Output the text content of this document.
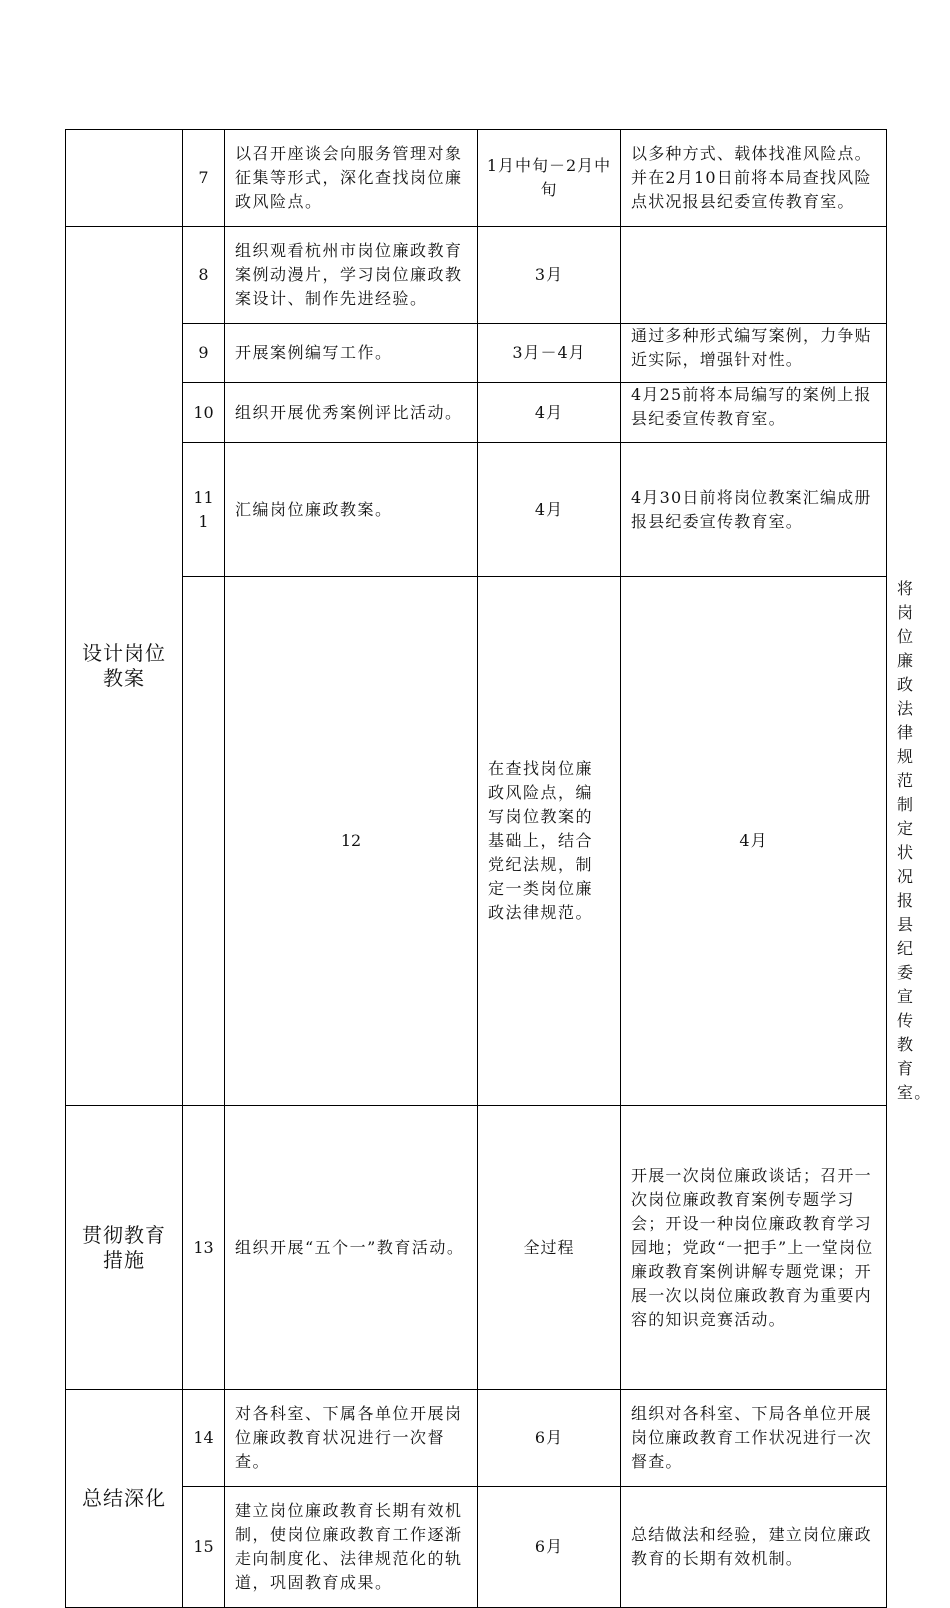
	7	以召开座谈会向服务管理对象征集等形式，深化查找岗位廉政风险点。	1月中旬－2月中旬	以多种方式、载体找准风险点。并在2月10日前将本局查找风险点状况报县纪委宣传教育室。	
设计岗位教案	8	组织观看杭州市岗位廉政教育案例动漫片，学习岗位廉政教案设计、制作先进经验。	3月		
	9	开展案例编写工作。	3月－4月	通过多种形式编写案例，力争贴近实际，增强针对性。	
	10	组织开展优秀案例评比活动。	4月	4月25前将本局编写的案例上报县纪委宣传教育室。	
	111	汇编岗位廉政教案。	4月	4月30日前将岗位教案汇编成册报县纪委宣传教育室。	
		12	在查找岗位廉政风险点，编写岗位教案的基础上，结合党纪法规，制定一类岗位廉政法律规范。	4月	将岗位廉政法律规范制定状况报县纪委宣传教育室。
贯彻教育措施	13	组织开展“五个一”教育活动。	全过程	开展一次岗位廉政谈话；召开一次岗位廉政教育案例专题学习会；开设一种岗位廉政教育学习园地；党政“一把手”上一堂岗位廉政教育案例讲解专题党课；开展一次以岗位廉政教育为重要内容的知识竞赛活动。	
总结深化	14	对各科室、下属各单位开展岗位廉政教育状况进行一次督查。	6月	组织对各科室、下局各单位开展岗位廉政教育工作状况进行一次督查。	
	15	建立岗位廉政教育长期有效机制，使岗位廉政教育工作逐渐走向制度化、法律规范化的轨道，巩固教育成果。	6月	总结做法和经验，建立岗位廉政教育的长期有效机制。	
